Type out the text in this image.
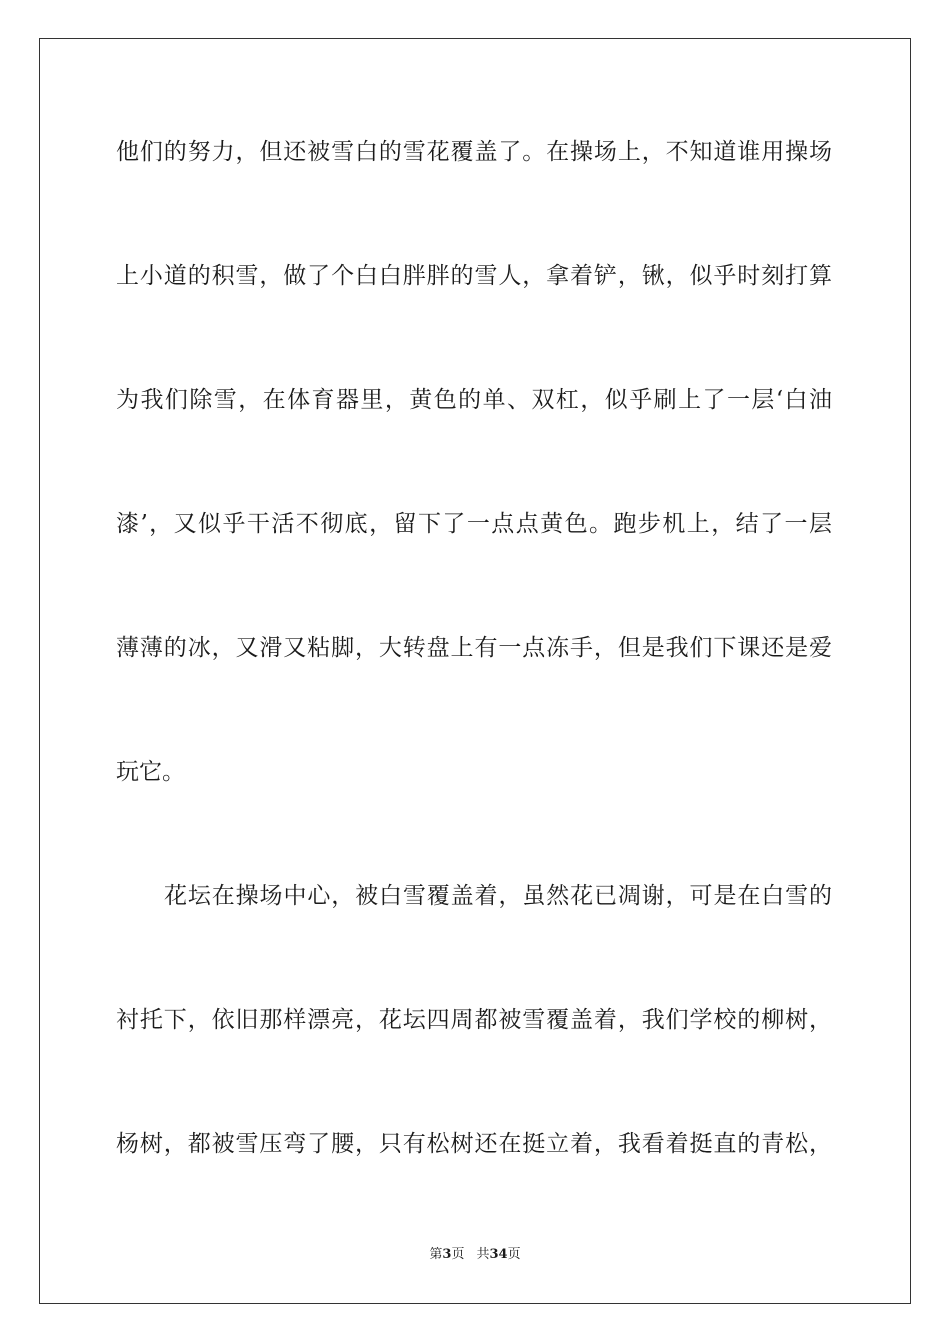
他们的努力，但还被雪白的雪花覆盖了。在操场上，不知道谁用操场
上小道的积雪，做了个白白胖胖的雪人，拿着铲，锹，似乎时刻打算
为我们除雪，在体育器里，黄色的单、双杠，似乎刷上了一层‘白油
漆’，又似乎干活不彻底，留下了一点点黄色。跑步机上，结了一层
薄薄的冰，又滑又粘脚，大转盘上有一点冻手，但是我们下课还是爱
玩它。
花坛在操场中心，被白雪覆盖着，虽然花已凋谢，可是在白雪的
衬托下，依旧那样漂亮，花坛四周都被雪覆盖着，我们学校的柳树，
杨树，都被雪压弯了腰，只有松树还在挺立着，我看着挺直的青松，
第3页 共34页
